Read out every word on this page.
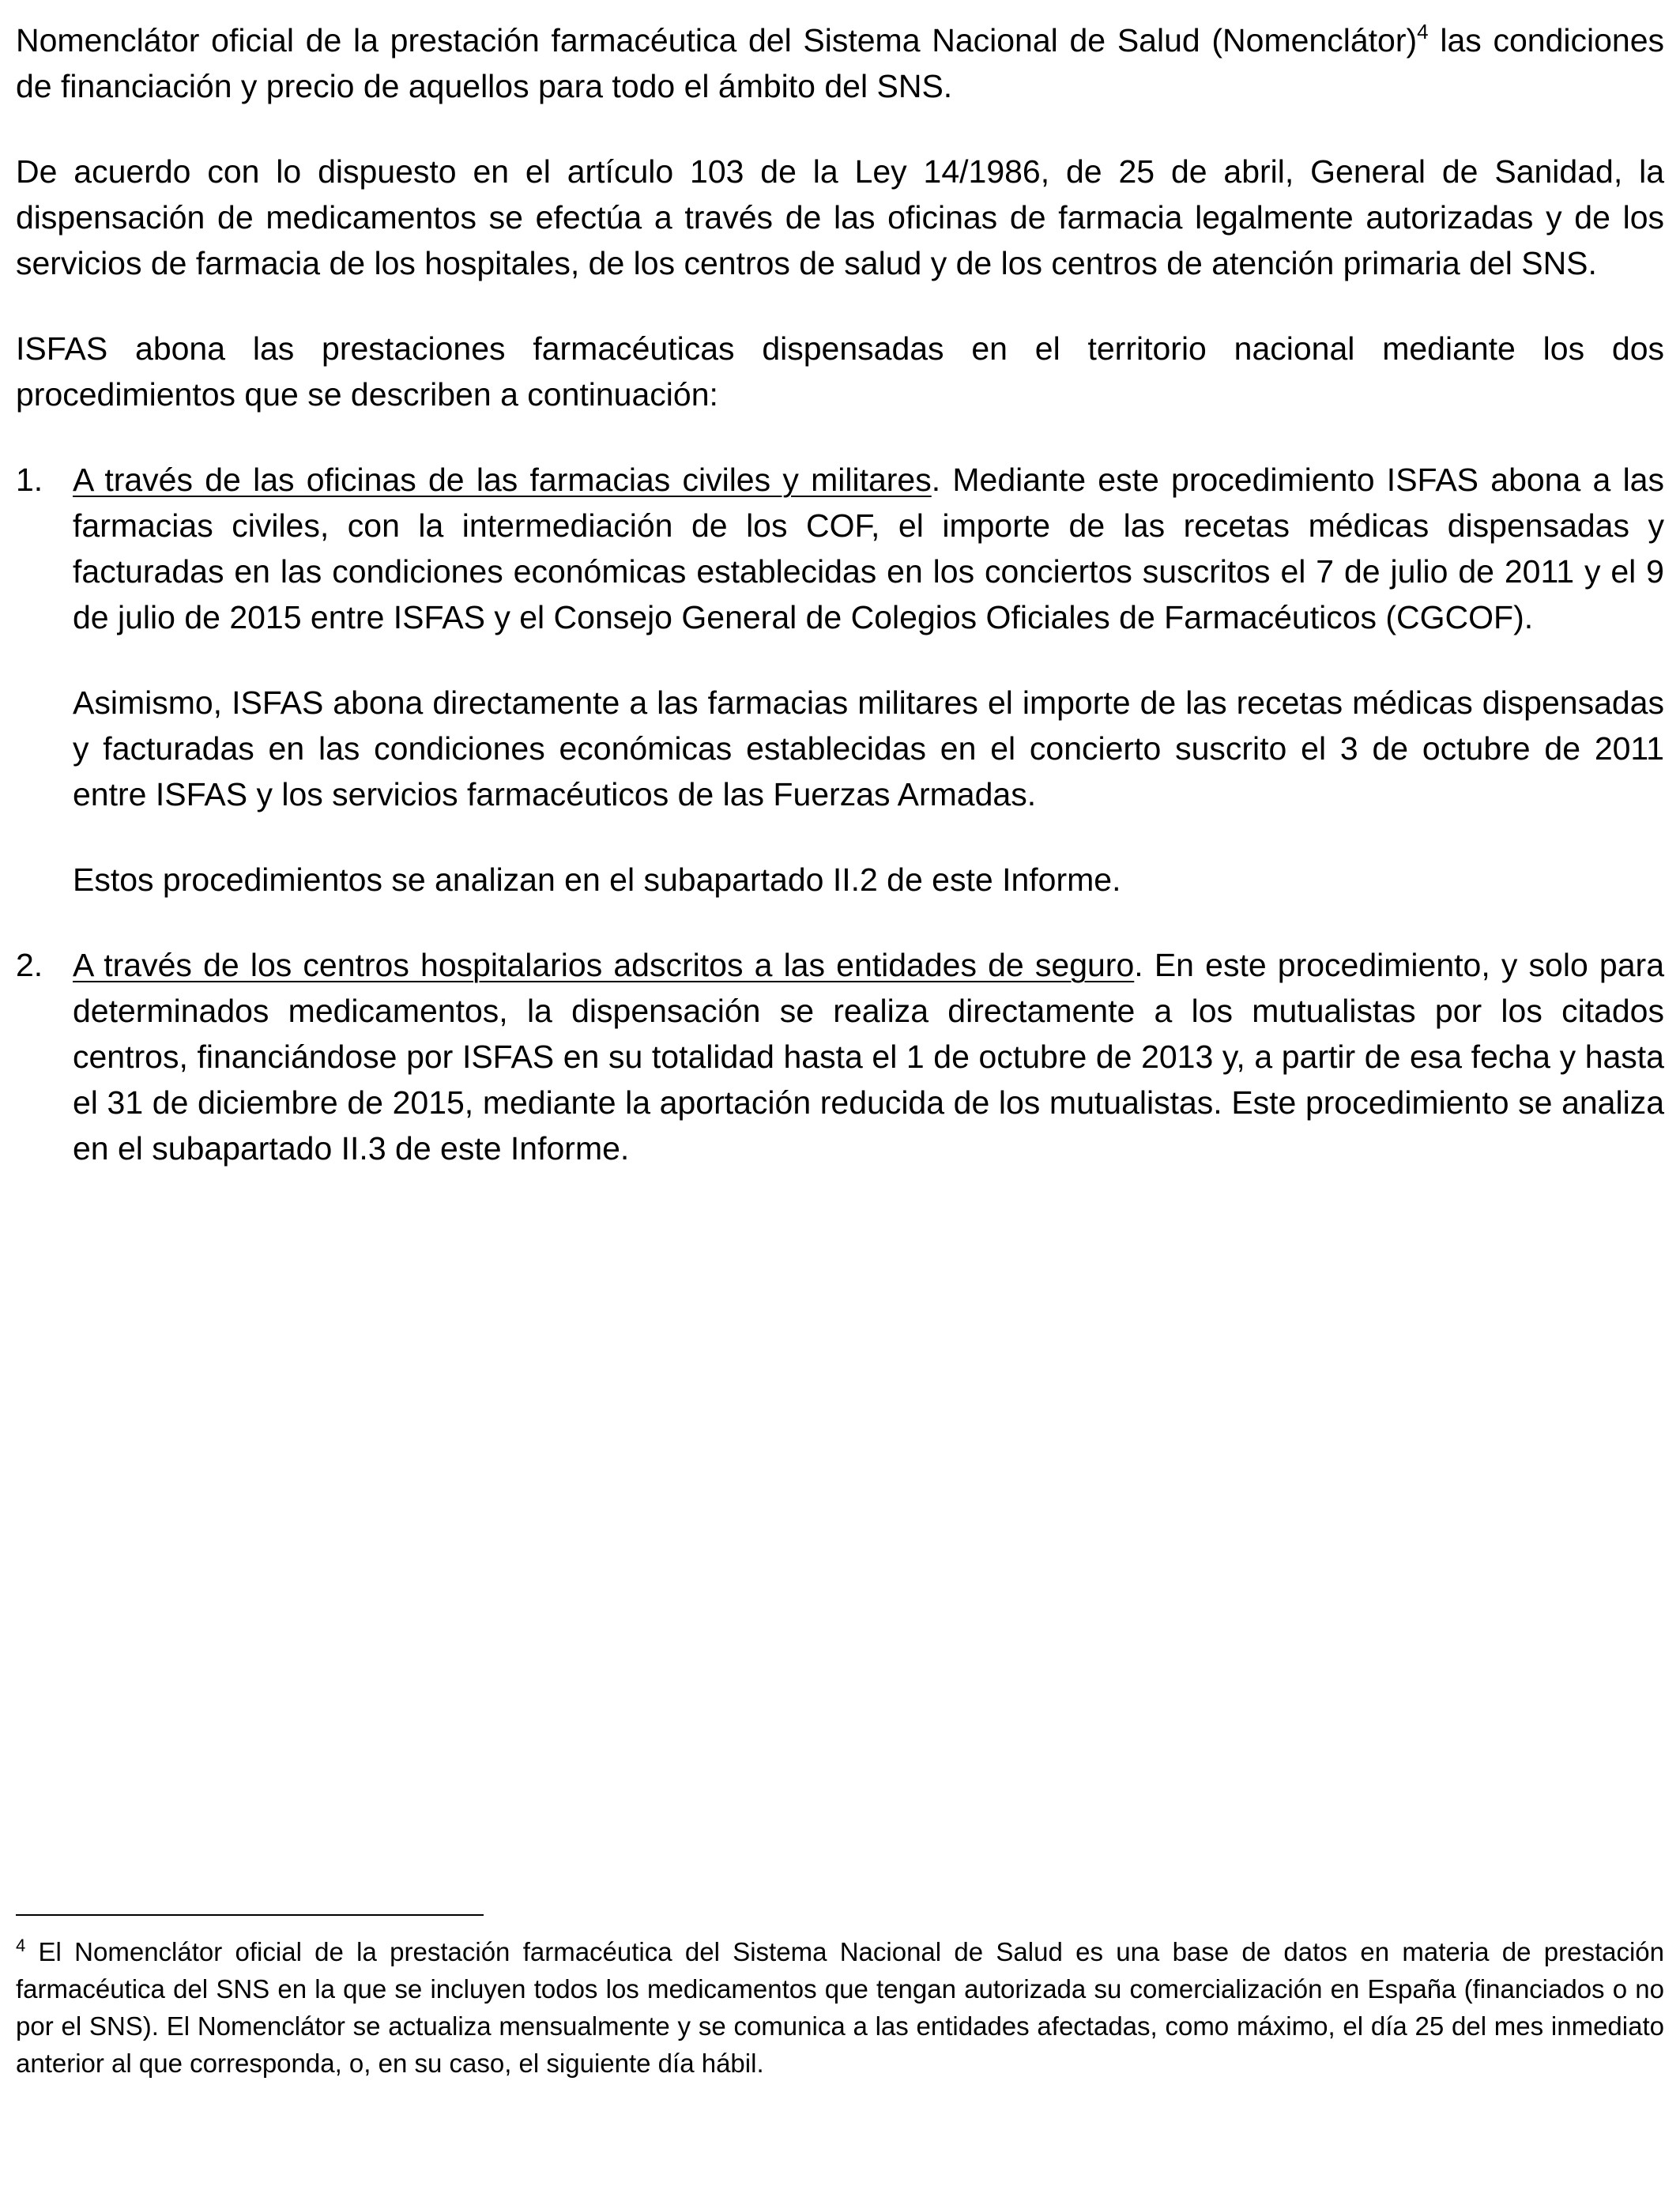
Nomenclátor oficial de la prestación farmacéutica del Sistema Nacional de Salud (Nomenclátor)$^4$ las condiciones de financiación y precio de aquellos para todo el ámbito del SNS.

De acuerdo con lo dispuesto en el artículo 103 de la Ley 14/1986, de 25 de abril, General de Sanidad, la dispensación de medicamentos se efectúa a través de las oficinas de farmacia legalmente autorizadas y de los servicios de farmacia de los hospitales, de los centros de salud y de los centros de atención primaria del SNS.

ISFAS abona las prestaciones farmacéuticas dispensadas en el territorio nacional mediante los dos procedimientos que se describen a continuación:

1. A través de las oficinas de las farmacias civiles y militares. Mediante este procedimiento ISFAS abona a las farmacias civiles, con la intermediación de los COF, el importe de las recetas médicas dispensadas y facturadas en las condiciones económicas establecidas en los conciertos suscritos el 7 de julio de 2011 y el 9 de julio de 2015 entre ISFAS y el Consejo General de Colegios Oficiales de Farmacéuticos (CGCOF).

Asimismo, ISFAS abona directamente a las farmacias militares el importe de las recetas médicas dispensadas y facturadas en las condiciones económicas establecidas en el concierto suscrito el 3 de octubre de 2011 entre ISFAS y los servicios farmacéuticos de las Fuerzas Armadas.

Estos procedimientos se analizan en el subapartado II.2 de este Informe.

2. A través de los centros hospitalarios adscritos a las entidades de seguro. En este procedimiento, y solo para determinados medicamentos, la dispensación se realiza directamente a los mutualistas por los citados centros, financiándose por ISFAS en su totalidad hasta el 1 de octubre de 2013 y, a partir de esa fecha y hasta el 31 de diciembre de 2015, mediante la aportación reducida de los mutualistas. Este procedimiento se analiza en el subapartado II.3 de este Informe.

$^4$ El Nomenclátor oficial de la prestación farmacéutica del Sistema Nacional de Salud es una base de datos en materia de prestación farmacéutica del SNS en la que se incluyen todos los medicamentos que tengan autorizada su comercialización en España (financiados o no por el SNS). El Nomenclátor se actualiza mensualmente y se comunica a las entidades afectadas, como máximo, el día 25 del mes inmediato anterior al que corresponda, o, en su caso, el siguiente día hábil.
